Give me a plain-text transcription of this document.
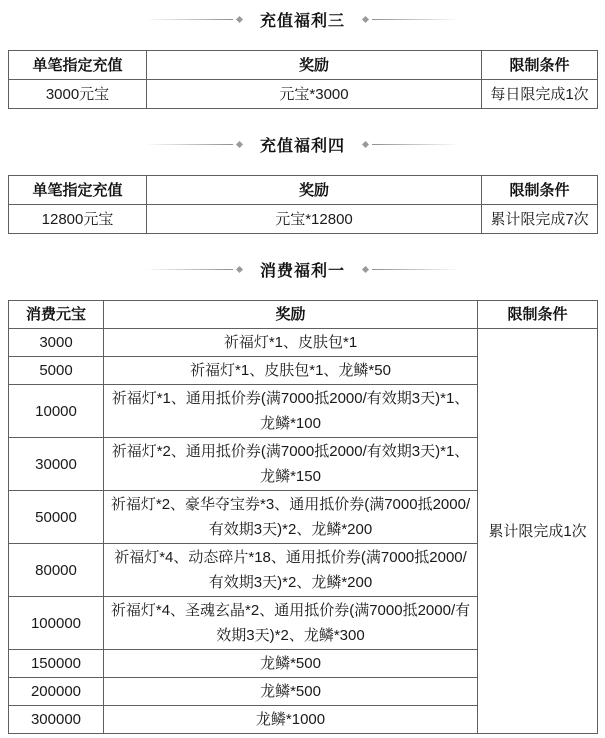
充值福利三
单笔指定充值	奖励	限制条件
3000元宝	元宝*3000	每日限完成1次
充值福利四
单笔指定充值	奖励	限制条件
12800元宝	元宝*12800	累计限完成7次
消费福利一
消费元宝	奖励	限制条件
3000	祈福灯*1、皮肤包*1	累计限完成1次
5000	祈福灯*1、皮肤包*1、龙鳞*50	
10000	祈福灯*1、通用抵价券(满7000抵2000/有效期3天)*1、龙鳞*100	
30000	祈福灯*2、通用抵价券(满7000抵2000/有效期3天)*1、龙鳞*150	
50000	祈福灯*2、豪华夺宝券*3、通用抵价券(满7000抵2000/有效期3天)*2、龙鳞*200	
80000	祈福灯*4、动态碎片*18、通用抵价券(满7000抵2000/有效期3天)*2、龙鳞*200	
100000	祈福灯*4、圣魂玄晶*2、通用抵价券(满7000抵2000/有效期3天)*2、龙鳞*300	
150000	龙鳞*500	
200000	龙鳞*500	
300000	龙鳞*1000	
